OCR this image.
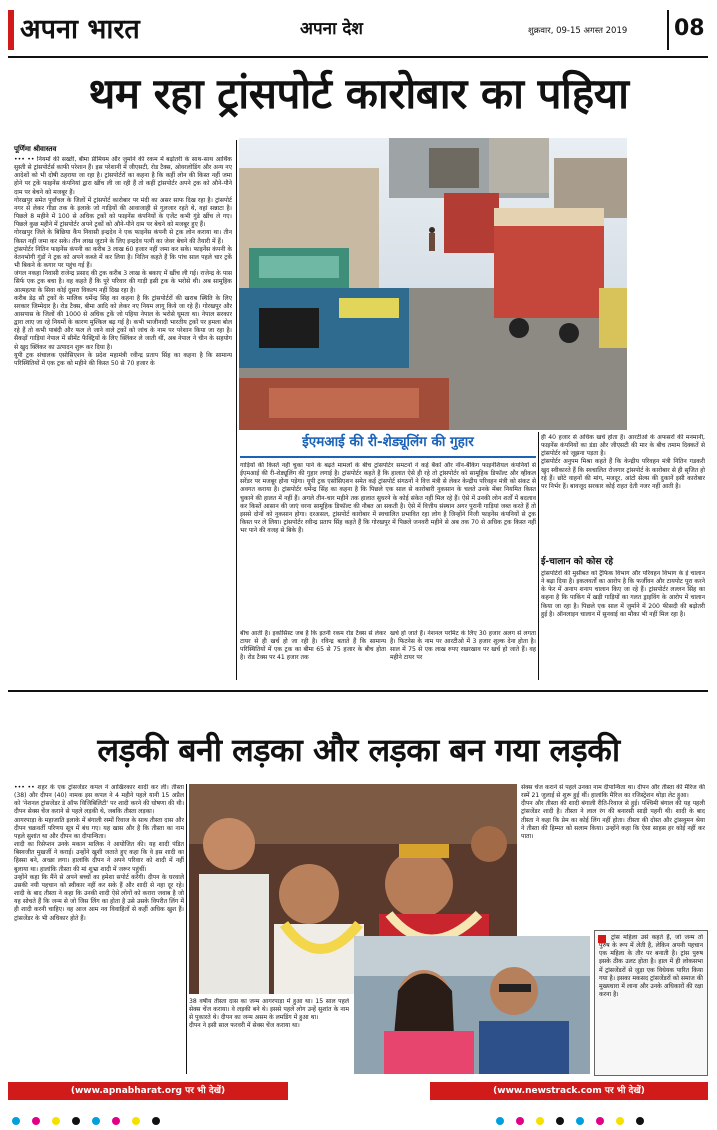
अपना भारत	अपना देश	शुक्रवार, 09-15 अगस्त 2019 08
थम रहा ट्रांसपोर्ट कारोबार का पहिया
पूर्णिमा श्रीवास्तव
••• •• नियमों की सख्ती, बीमा प्रीमियम और जुर्माने की रकम में बढ़ोतरी के साथ-साथ आर्थिक सुस्ती से ट्रांसपोर्टर्स काफी परेशान हैं। इस परेशानी में जीएसटी, रोड टैक्स, ओवरलोडिंग और अन्य नए आदेशों को भी दोषी ठहराया जा रहा है। ट्रांसपोर्टरों का कहना है कि कहीं लोन की किस्त नहीं जमा होने पर ट्रकें फाइनेंस कंपनियां द्वारा खींच ली जा रही हैं तो कहीं ट्रांसपोर्टर अपने ट्रक को औने-पौने दाम पर बेचने को मजबूर हैं।
गोरखपुर समेत पूर्वांचल के जिलों में ट्रांसपोर्ट कारोबार पर मंदी का असर साफ दिख रहा है। ट्रांसपोर्ट नगर से लेकर गीडा तक के इलाके जो गाड़ियों की आवाजाही से गुलजार रहते थे, वहां सन्नाटा है। पिछले 8 महीने में 100 से अधिक ट्रकों को फाइनेंस कंपनियों के एजेंट कभी गुंडे खींच ले गए। पिछले कुछ महीने में ट्रांसपोर्टर अपने ट्रकों को औने-पौने दाम पर बेचने को मजबूर हुए हैं।
गोरखपुर जिले के बिछिया कैंप निवासी इन्द्रदेव ने एक फाइनेंस कंपनी से ट्रक लोन कराया था। तीन किस्त नहीं जमा कर सके। तीन लाख जुटाने के लिए इन्द्रदेव पत्नी का जेवर बेचने की तैयारी में हैं।
ट्रांसपोर्टर नितिन फाइनेंस कंपनी का करीब 3 लाख 60 हजार नहीं जमा कर सके। फाइनेंस कंपनी के वेतनभोगी गुंडों ने ट्रक को अपने कब्जे में कर लिया है। नितिन कहते हैं कि पांच साल पहले चार ट्रकें भी बिकने के कगार पर पहुंच गई हैं।
जंगल नकहा निवासी राजेन्द्र प्रसाद की ट्रक करीब 3 लाख के बकाए में खींच ली गई। राजेन्द्र के पास सिर्फ एक ट्रक बचा है। वह कहते हैं कि पूरे परिवार की गाड़ी इसी ट्रक के भरोसे थी। अब सामूहिक आत्महत्या के सिवा कोई दूसरा विकल्प नहीं दिख रहा है।
करीब डेढ़ सौ ट्रकों के मालिक धर्मेन्द्र सिंह का कहना है कि ट्रांसपोर्टरों की खराब स्थिति के लिए सरकार जिम्मेदार है। रोड टैक्स, बीमा आदि को लेकर नए नियम लागू किये जा रहे हैं। गोरखपुर और आसपास के जिलों की 1000 से अधिक ट्रकें जो पहिया नेपाल के भरोसे घूमता था। नेपाल सरकार द्वारा लाए जा रहे नियमों के कारण मुश्किल बढ़ गई है। कभी भाजीनादी भारतीय ट्रकों पर हमला बोल रहे हैं तो कभी पाबंदी और फल ले जाने वाले ट्रकों को जांच के नाम पर परेशान किया जा रहा है। सैकड़ों गाड़ियां नेपाल में सीमेंट फैक्ट्रियों के लिए क्लिंकर ले जाती थीं, अब नेपाल ने चीन के सहयोग से खुद क्लिंकर का उत्पादन शुरू कर दिया है।
यूपी ट्रक संचालक एसोसिएशन के प्रदेश महामंत्री रवीन्द्र प्रताप सिंह का कहना है कि सामान्य परिस्थितियों में एक ट्रक को महीने की किस्त 50 से 70 हजार के
ईएमआई की री-शेड्यूलिंग की गुहार
गाड़ियों की किस्तें नहीं चुका पाने के बढ़ते मामलों के बीच ट्रांसपोर्टर समटनों ने कई बैंकों और नॉन-बैंकिंग फाइनेंशियल कंपनियों से ईएमआई की री-शेड्यूलिंग की गुहार लगाई है। ट्रांसपोर्टर कहते हैं कि हालात ऐसे ही रहे तो ट्रांसपोर्टर को सामूहिक डिफॉल्ट और व्हीकल सरेंडर पर मजबूर होना पड़ेगा। यूपी ट्रक एसोसिएशन समेत कई ट्रांसपोर्ट संगठनों ने वित्त मंत्री से लेकर केन्द्रीय परिवहन मंत्री को संकट से अवगत कराया है। ट्रांसपोर्टर धर्मेन्द्र सिंह का कहना है कि पिछले एक साल से कारोबारी नुकसान के चलते उनके मेंबर नियमित किस्त चुकाने की हालत में नहीं हैं। अगले तीन-चार महीने तक हालात सुधरने के कोई संकेत नहीं मिल रहे हैं। ऐसे में उनकी लोन शर्तों में बदलाव कर किस्तें आसान की जाएं वरना सामूहिक डिफॉल्ट की नौबत आ सकती है। ऐसे में वित्तीय संस्थान अगर पुरानी गाड़ियां जब्त करते हैं तो इससे दोनों को नुकसान होगा। दरअसल, ट्रांसपोर्ट कारोबार में स्वचालित प्रभावित रहा लोग है जिन्होंने निजी फाइनेंस कंपनियों से ट्रक किस्त पर ले लिया। ट्रांसपोर्टर रवीन्द्र प्रताप सिंह कहते हैं कि गोरखपुर में पिछले जनवरी महीने से अब तक 70 से अधिक ट्रक किस्त नहीं भर पाने की वजह से बिके हैं।
बीच आती है। इकोसिस्ट जब है कि इतनी रकम रोड टैक्स से लेकर टायर से ही खर्च हो जा रही है। रविन्द्र बताते हैं कि सामान्य परिस्थितियों में एक ट्रक का बीमा 65 से 75 हजार के बीच होता है। रोड टैक्स पर 41 हजार तक
खर्च हो जाते हैं। नेशनल परमिट के लिए 30 हजार अलग से लगता है। फिटनेस के नाम पर आरटीओ में 3 हजार शुल्क देना होता है। साल में 75 से एक लाख रुपए रखरखाव पर खर्च हो जाते हैं। वह महीने टायर पर
ही 40 हजार से अधिक खर्च होता है। आरटीओ के अफसरों की मनमानी, फाइनेंस कंपनियों का डंडा और जीएसटी की मार के बीच तमाम दिक्कतें से ट्रांसपोर्टर को जूझना पड़ता है।
ट्रांसपोर्टर अनुपम मिश्रा कहते हैं कि केन्द्रीय परिवहन मंत्री नितिन गडकरी खुद स्वीकारते हैं कि स्वचालित रोजगार ट्रांसपोर्ट के कारोबार से ही सृजित हो रहे हैं। छोटे वाहनों की मांग, मजदूर, आंटो सेल्स की दुकानें इसी कारोबार पर निर्भर हैं। बावजूद सरकार कोई राहत देती नजर नहीं आती है।
ई-चालान को कोस रहे
ट्रांसपोर्टरों की मुसीबत को ट्रैफिक विभाग और परिवहन विभाग के ई चालान ने बढ़ा दिया है। इकलवर्तों का आरोप है कि फर्जीवन और टायपोट पूरा करने के फेर में अनाप शनाप चालान किए जा रहे हैं। ट्रांसपोर्टर लल्लन सिंह का कहना है कि पाकिंग में खड़ी गाड़ियों का गलत ड्राइविंग के आरोप में चालान किया जा रहा है। पिछले एक साल में जुर्माने में 200 फीसदी की बढ़ोतरी हुई है। ऑनलाइन चालान में सुनवाई का मौका भी नहीं मिल रहा है।
लड़की बनी लड़का और लड़का बन गया लड़की
••• •• शहर के एक ट्रांसजेंडर कपल ने आखिरकार शादी कर ली। तीस्ता (38) और दीपन (40) नामक इस कपल ने 4 महीने पहले यानी 15 अप्रैल को 'नेशनल ट्रांसजेंडर डे ऑफ विजिबिलिटी' पर शादी करने की घोषणा की थी। दीपन सेक्स चेंज कराने से पहले लड़की थे, जबकि तीस्ता लड़का।
आगरपाड़ा के महाजाति इलाके में बंगाली रस्मों रिवाज के साथ तीस्ता दास और दीपन चक्रवर्ती परिणय सूत्र में बंध गए। यह खास और है कि तीस्ता का नाम पहले सुशांत था और दीपन का दीपान्विता।
शादी का रिसेप्शन उनके मकान मालिक ने आयोजित की। यह शादी पंडित बिस्वजीत मुखर्जी ने कराई। उन्होंने खुशी जताते हुए कहा कि वे इस शादी का हिस्सा बने, अच्छा लगा। हालांकि दीपन ने अपने परिवार को शादी में नहीं बुलाया था। हालांकि तीस्ता की मां शुभ्रा शादी में जरूर पहुंचीं।
उन्होंने कहा कि मैंने से अपने बच्चों का हमेशा सपोर्ट करेंगी। दीपन के घरवाले उसकी नयी पहचान को स्वीकार नहीं कर सके हैं और शादी से नहा दूर रहे। शादी के बाद तीस्ता ने कहा कि उनकी शादी ऐसे लोगों को करारा जवाब है जो यह सोचते हैं कि जन्म से जो जिस लिंग का होता है उसे उसके विपरीत लिंग में ही शादी करनी चाहिए। वह आज आम नव विवाहितों से कहीं अधिक खुश हैं। ट्रांसजेंडर के भी अधिकार होते हैं।
38 वर्षीय तीस्ता दास का जन्म आगरपाड़ा में हुआ था। 15 साल पहले सेक्स चेंज कराया। वे लड़की बने थे। इससे पहले लोग उन्हें सुशांत के नाम से पुकारते थे। दीपन का जन्म असम के लमडिंग में हुआ था।
दीपन ने इसी साल फरवरी में सेक्स चेंज कराया था।
सेक्स चेंज कराने से पहले उनका नाम दीपान्विता था। दीपन और तीस्ता की मैरिज की रस्में 21 जुलाई से शुरू हुई थीं। हालांकि मैरिज का रजिस्ट्रेशन थोड़ा लेट हुआ।
दीपन और तीस्ता की शादी बंगाली रीति-रिवाज से हुई। पश्चिमी बंगाल की यह पहली ट्रांसजेंडर शादी है। तीस्ता ने लाल रंग की बनारसी साड़ी पहनी थी। शादी के बाद तीस्ता ने कहा कि प्रेम का कोई लिंग नहीं होता। तीस्ता की दोस्त और ट्रांसवुमन श्रेया ने तीस्ता की हिम्मत को सलाम किया। उन्होंने कहा कि ऐसा साहस हर कोई नहीं कर पाता।
ट्रांस महिला उसे कहते हैं, जो जन्म तो पुरुष के रूप में लेती है, लेकिन अपनी पहचान एक महिला के तौर पर बनाती है। ट्रांस पुरुष इसके ठीक उलट होता है। हाल में ही लोकसभा में ट्रांसजेंडरों से जुड़ा एक विधेयक पारित किया गया है। इसका मकसद ट्रांसजेंडरों को समाज की मुख्यधारा में लाना और उनके अधिकारों की रक्षा करना है।
(www.apnabharat.org पर भी देखें)	(www.newstrack.com पर भी देखें)
